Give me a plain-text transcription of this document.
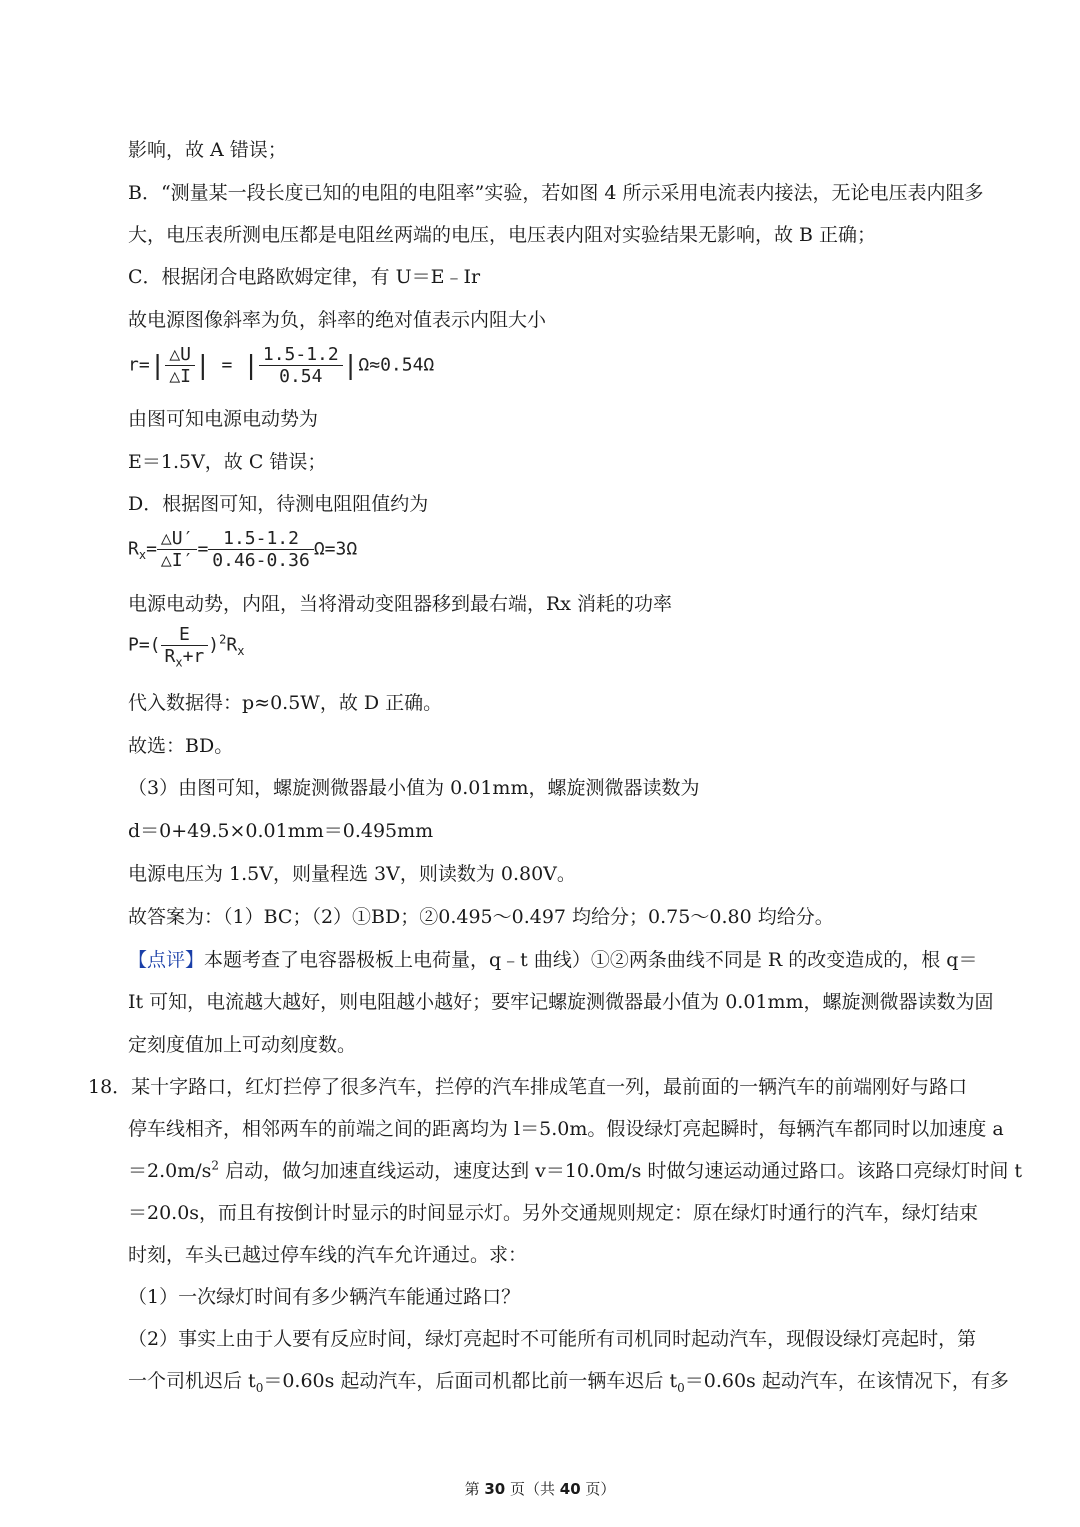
影响，故 A 错误；
B．“测量某一段长度已知的电阻的电阻率”实验，若如图 4 所示采用电流表内接法，无论电压表内阻多
大，电压表所测电压都是电阻丝两端的电压，电压表内阻对实验结果无影响，故 B 正确；
C．根据闭合电路欧姆定律，有 U＝E﹣Ir
故电源图像斜率为负，斜率的绝对值表示内阻大小
$r=| \frac{\triangle U}{\triangle I}$ | = | $\frac{1.5-1.2}{0.54} |\Omega\approx 0.54\Omega$
由图可知电源电动势为
E＝1.5V，故 C 错误；
D．根据图可知，待测电阻阻值约为
$R_x= \frac{\triangle U'}{\triangle I'} = \frac{1.5-1.2}{0.46-0.36} \Omega=3\Omega$
电源电动势，内阻，当将滑动变阻器移到最右端，Rx 消耗的功率
$P=( \frac{E}{R_x+r} )^2R_x$
代入数据得：p≈0.5W，故 D 正确。
故选：BD。
（3）由图可知，螺旋测微器最小值为 0.01mm，螺旋测微器读数为
d＝0+49.5×0.01mm＝0.495mm
电源电压为 1.5V，则量程选 3V，则读数为 0.80V。
故答案为：（1）BC；（2）①BD；②0.495～0.497 均给分；0.75～0.80 均给分。
【点评】本题考查了电容器极板上电荷量，q﹣t 曲线）①②两条曲线不同是 R 的改变造成的，根 q＝
It 可知，电流越大越好，则电阻越小越好；要牢记螺旋测微器最小值为 0.01mm，螺旋测微器读数为固
定刻度值加上可动刻度数。
18．某十字路口，红灯拦停了很多汽车，拦停的汽车排成笔直一列，最前面的一辆汽车的前端刚好与路口
停车线相齐，相邻两车的前端之间的距离均为 l＝5.0m。假设绿灯亮起瞬时，每辆汽车都同时以加速度 a
$=2.0m/s^2$ 启动，做匀加速直线运动，速度达到 v＝10.0m/s 时做匀速运动通过路口。该路口亮绿灯时间 t
＝20.0s，而且有按倒计时显示的时间显示灯。另外交通规则规定：原在绿灯时通行的汽车，绿灯结束
时刻，车头已越过停车线的汽车允许通过。求：
（1）一次绿灯时间有多少辆汽车能通过路口？
（2）事实上由于人要有反应时间，绿灯亮起时不可能所有司机同时起动汽车，现假设绿灯亮起时，第
一个司机迟后 $t_0=0.60s$ 起动汽车，后面司机都比前一辆车迟后 $t_0=0.60s$ 起动汽车，在该情况下，有多
第 30 页（共 40 页）
